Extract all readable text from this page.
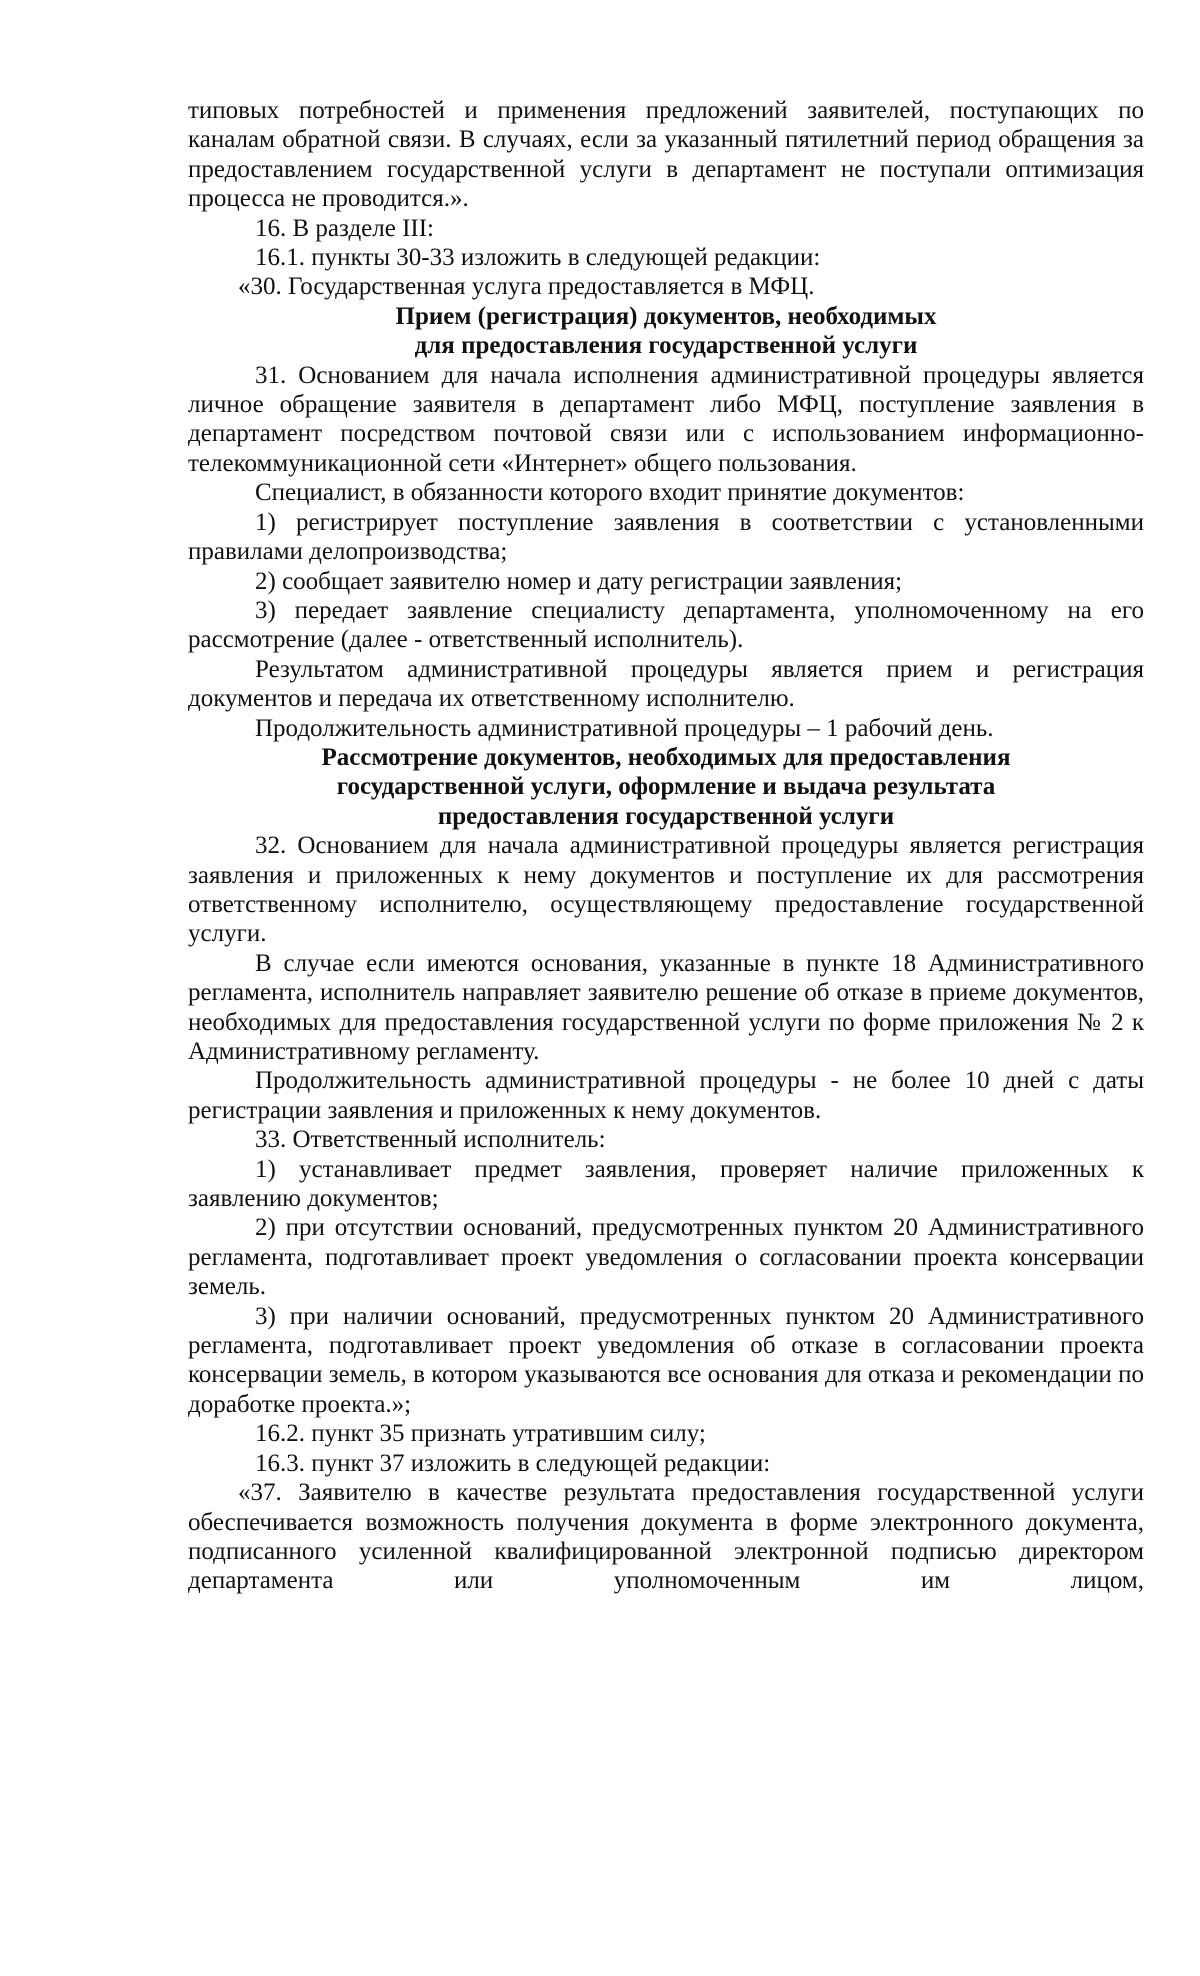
типовых потребностей и применения предложений заявителей, поступающих по каналам обратной связи. В случаях, если за указанный пятилетний период обращения за предоставлением государственной услуги в департамент не поступали оптимизация процесса не проводится.».

16. В разделе III:

16.1. пункты 30-33 изложить в следующей редакции:

«30. Государственная услуга предоставляется в МФЦ.

Прием (регистрация) документов, необходимых
для предоставления государственной услуги

31. Основанием для начала исполнения административной процедуры является личное обращение заявителя в департамент либо МФЦ, поступление заявления в департамент посредством почтовой связи или с использованием информационно-телекоммуникационной сети «Интернет» общего пользования.

Специалист, в обязанности которого входит принятие документов:

1) регистрирует поступление заявления в соответствии с установленными правилами делопроизводства;

2) сообщает заявителю номер и дату регистрации заявления;

3) передает заявление специалисту департамента, уполномоченному на его рассмотрение (далее - ответственный исполнитель).

Результатом административной процедуры является прием и регистрация документов и передача их ответственному исполнителю.

Продолжительность административной процедуры – 1 рабочий день.

Рассмотрение документов, необходимых для предоставления
государственной услуги, оформление и выдача результата
предоставления государственной услуги

32. Основанием для начала административной процедуры является регистрация заявления и приложенных к нему документов и поступление их для рассмотрения ответственному исполнителю, осуществляющему предоставление государственной услуги.

В случае если имеются основания, указанные в пункте 18 Административного регламента, исполнитель направляет заявителю решение об отказе в приеме документов, необходимых для предоставления государственной услуги по форме приложения № 2 к Административному регламенту.

Продолжительность административной процедуры - не более 10 дней с даты регистрации заявления и приложенных к нему документов.

33. Ответственный исполнитель:

1) устанавливает предмет заявления, проверяет наличие приложенных к заявлению документов;

2) при отсутствии оснований, предусмотренных пунктом 20 Административного регламента, подготавливает проект уведомления о согласовании проекта консервации земель.

3) при наличии оснований, предусмотренных пунктом 20 Административного регламента, подготавливает проект уведомления об отказе в согласовании проекта консервации земель, в котором указываются все основания для отказа и рекомендации по доработке проекта.»;

16.2. пункт 35 признать утратившим силу;

16.3. пункт 37 изложить в следующей редакции:

«37. Заявителю в качестве результата предоставления государственной услуги обеспечивается возможность получения документа в форме электронного документа, подписанного усиленной квалифицированной электронной подписью директором департамента или уполномоченным им лицом,
